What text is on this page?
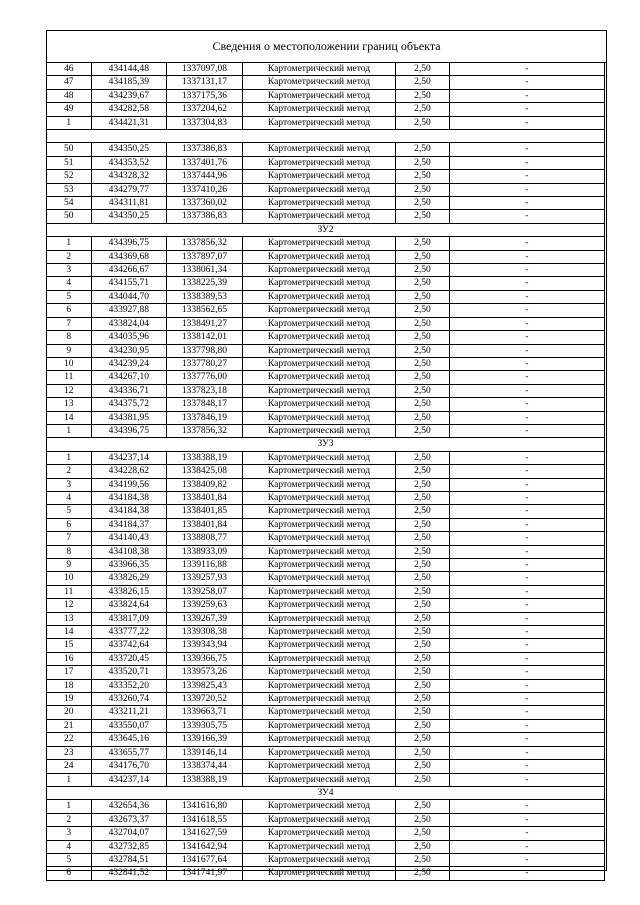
Сведения о местоположении границ объекта
46	434144,48	1337097,08	Картометрический метод	2,50	-
47	434185,39	1337131,17	Картометрический метод	2,50	-
48	434239,67	1337175,36	Картометрический метод	2,50	-
49	434282,58	1337204,62	Картометрический метод	2,50	-
1	434421,31	1337304,83	Картометрический метод	2,50	-

50	434350,25	1337386,83	Картометрический метод	2,50	-
51	434353,52	1337401,76	Картометрический метод	2,50	-
52	434328,32	1337444,96	Картометрический метод	2,50	-
53	434279,77	1337410,26	Картометрический метод	2,50	-
54	434311,81	1337360,02	Картометрический метод	2,50	-
50	434350,25	1337386,83	Картометрический метод	2,50	-
ЗУ2					
1	434396,75	1337856,32	Картометрический метод	2,50	-
2	434369,68	1337897,07	Картометрический метод	2,50	-
3	434266,67	1338061,34	Картометрический метод	2,50	-
4	434155,71	1338225,39	Картометрический метод	2,50	-
5	434044,70	1338389,53	Картометрический метод	2,50	-
6	433927,88	1338562,65	Картометрический метод	2,50	-
7	433824,04	1338491,27	Картометрический метод	2,50	-
8	434035,96	1338142,01	Картометрический метод	2,50	-
9	434230,95	1337798,80	Картометрический метод	2,50	-
10	434239,24	1337780,27	Картометрический метод	2,50	-
11	434267,10	1337776,00	Картометрический метод	2,50	-
12	434336,71	1337823,18	Картометрический метод	2,50	-
13	434375,72	1337848,17	Картометрический метод	2,50	-
14	434381,95	1337846,19	Картометрический метод	2,50	-
1	434396,75	1337856,32	Картометрический метод	2,50	-
ЗУ3					
1	434237,14	1338388,19	Картометрический метод	2,50	-
2	434228,62	1338425,08	Картометрический метод	2,50	-
3	434199,56	1338409,82	Картометрический метод	2,50	-
4	434184,38	1338401,84	Картометрический метод	2,50	-
5	434184,38	1338401,85	Картометрический метод	2,50	-
6	434184,37	1338401,84	Картометрический метод	2,50	-
7	434140,43	1338808,77	Картометрический метод	2,50	-
8	434108,38	1338933,09	Картометрический метод	2,50	-
9	433966,35	1339116,88	Картометрический метод	2,50	-
10	433826,29	1339257,93	Картометрический метод	2,50	-
11	433826,15	1339258,07	Картометрический метод	2,50	-
12	433824,64	1339259,63	Картометрический метод	2,50	-
13	433817,09	1339267,39	Картометрический метод	2,50	-
14	433777,22	1339308,38	Картометрический метод	2,50	-
15	433742,64	1339343,94	Картометрический метод	2,50	-
16	433720,45	1339366,75	Картометрический метод	2,50	-
17	433520,71	1339573,26	Картометрический метод	2,50	-
18	433352,20	1339825,43	Картометрический метод	2,50	-
19	433260,74	1339720,52	Картометрический метод	2,50	-
20	433211,21	1339663,71	Картометрический метод	2,50	-
21	433550,07	1339305,75	Картометрический метод	2,50	-
22	433645,16	1339166,39	Картометрический метод	2,50	-
23	433655,77	1339146,14	Картометрический метод	2,50	-
24	434176,70	1338374,44	Картометрический метод	2,50	-
1	434237,14	1338388,19	Картометрический метод	2,50	-
ЗУ4					
1	432654,36	1341616,80	Картометрический метод	2,50	-
2	432673,37	1341618,55	Картометрический метод	2,50	-
3	432704,07	1341627,59	Картометрический метод	2,50	-
4	432732,85	1341642,94	Картометрический метод	2,50	-
5	432784,51	1341677,64	Картометрический метод	2,50	-
6	432841,52	1341741,97	Картометрический метод	2,50	-
